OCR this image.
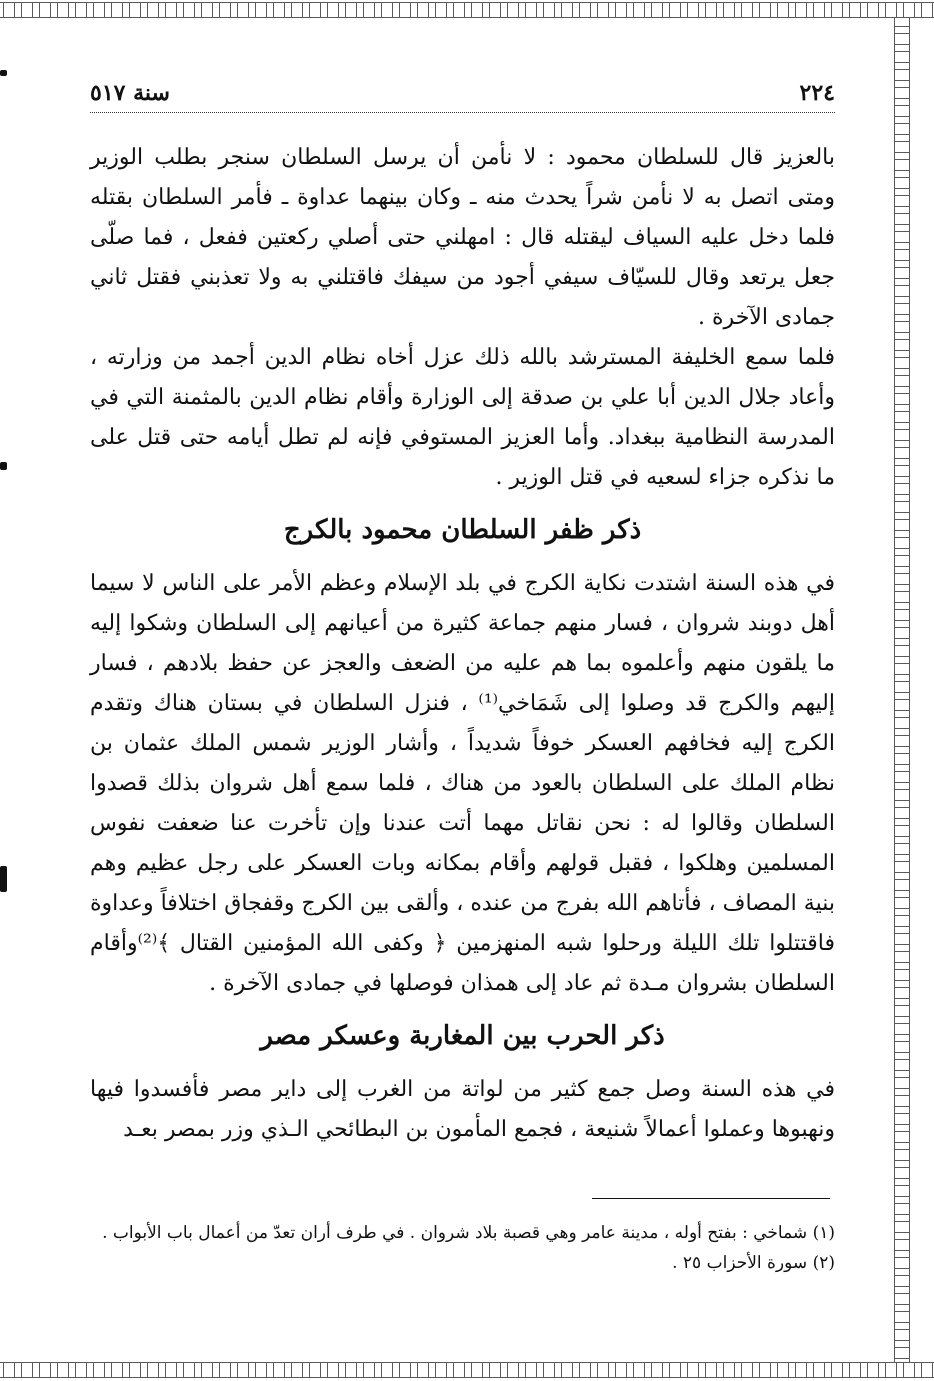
٢٢٤
سنة ٥١٧

بالعزيز قال للسلطان محمود : لا نأمن أن يرسل السلطان سنجر بطلب الوزير ومتى اتصل به لا نأمن شراً يحدث منه ـ وكان بينهما عداوة ـ فأمر السلطان بقتله فلما دخل عليه السياف ليقتله قال : امهلني حتى أصلي ركعتين ففعل ، فما صلّى جعل يرتعد وقال للسيّاف سيفي أجود من سيفك فاقتلني به ولا تعذبني فقتل ثاني جمادى الآخرة .

فلما سمع الخليفة المسترشد بالله ذلك عزل أخاه نظام الدين أجمد من وزارته ، وأعاد جلال الدين أبا علي بن صدقة إلى الوزارة وأقام نظام الدين بالمثمنة التي في المدرسة النظامية ببغداد. وأما العزيز المستوفي فإنه لم تطل أيامه حتى قتل على ما نذكره جزاء لسعيه في قتل الوزير .

ذكر ظفر السلطان محمود بالكرج

في هذه السنة اشتدت نكاية الكرج في بلد الإسلام وعظم الأمر على الناس لا سيما أهل دوبند شروان ، فسار منهم جماعة كثيرة من أعيانهم إلى السلطان وشكوا إليه ما يلقون منهم وأعلموه بما هم عليه من الضعف والعجز عن حفظ بلادهم ، فسار إليهم والكرج قد وصلوا إلى شَمَاخي⁽¹⁾ ، فنزل السلطان في بستان هناك وتقدم الكرج إليه فخافهم العسكر خوفاً شديداً ، وأشار الوزير شمس الملك عثمان بن نظام الملك على السلطان بالعود من هناك ، فلما سمع أهل شروان بذلك قصدوا السلطان وقالوا له : نحن نقاتل مهما أتت عندنا وإن تأخرت عنا ضعفت نفوس المسلمين وهلكوا ، فقبل قولهم وأقام بمكانه وبات العسكر على رجل عظيم وهم بنية المصاف ، فأتاهم الله بفرج من عنده ، وألقى بين الكرج وقفجاق اختلافاً وعداوة فاقتتلوا تلك الليلة ورحلوا شبه المنهزمين ﴿ وكفى الله المؤمنين القتال ﴾⁽²⁾وأقام السلطان بشروان مـدة ثم عاد إلى همذان فوصلها في جمادى الآخرة .

ذكر الحرب بين المغاربة وعسكر مصر

في هذه السنة وصل جمع كثير من لواتة من الغرب إلى داير مصر فأفسدوا فيها ونهبوها وعملوا أعمالاً شنيعة ، فجمع المأمون بن البطائحي الـذي وزر بمصر بعـد

(١) شماخي : بفتح أوله ، مدينة عامر وهي قصبة بلاد شروان . في طرف أران تعدّ من أعمال باب الأبواب .

(٢) سورة الأحزاب ٢٥ .
